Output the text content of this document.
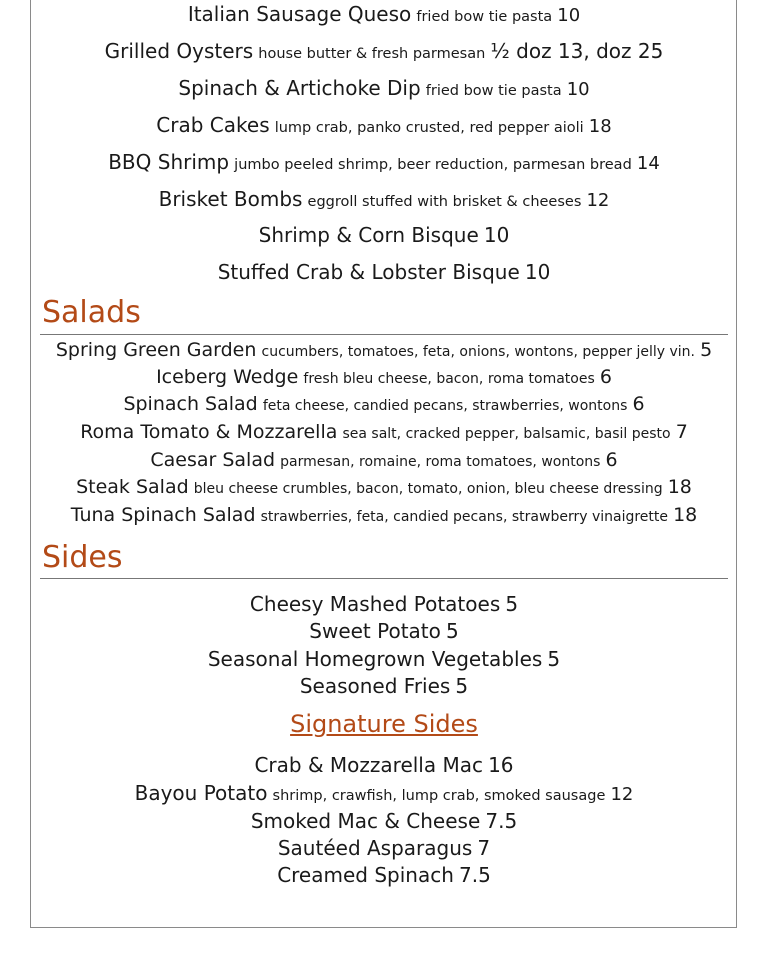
Italian Sausage Queso fried bow tie pasta 10
Grilled Oysters house butter & fresh parmesan ½ doz 13, doz 25
Spinach & Artichoke Dip fried bow tie pasta 10
Crab Cakes lump crab, panko crusted, red pepper aioli 18
BBQ Shrimp jumbo peeled shrimp, beer reduction, parmesan bread 14
Brisket Bombs eggroll stuffed with brisket & cheeses 12
Shrimp & Corn Bisque 10
Stuffed Crab & Lobster Bisque 10
Salads
Spring Green Garden cucumbers, tomatoes, feta, onions, wontons, pepper jelly vin. 5
Iceberg Wedge fresh bleu cheese, bacon, roma tomatoes 6
Spinach Salad feta cheese, candied pecans, strawberries, wontons 6
Roma Tomato & Mozzarella sea salt, cracked pepper, balsamic, basil pesto 7
Caesar Salad parmesan, romaine, roma tomatoes, wontons 6
Steak Salad bleu cheese crumbles, bacon, tomato, onion, bleu cheese dressing 18
Tuna Spinach Salad strawberries, feta, candied pecans, strawberry vinaigrette 18
Sides
Cheesy Mashed Potatoes 5
Sweet Potato 5
Seasonal Homegrown Vegetables 5
Seasoned Fries 5
Signature Sides
Crab & Mozzarella Mac 16
Bayou Potato shrimp, crawfish, lump crab, smoked sausage 12
Smoked Mac & Cheese 7.5
Sautéed Asparagus 7
Creamed Spinach 7.5
